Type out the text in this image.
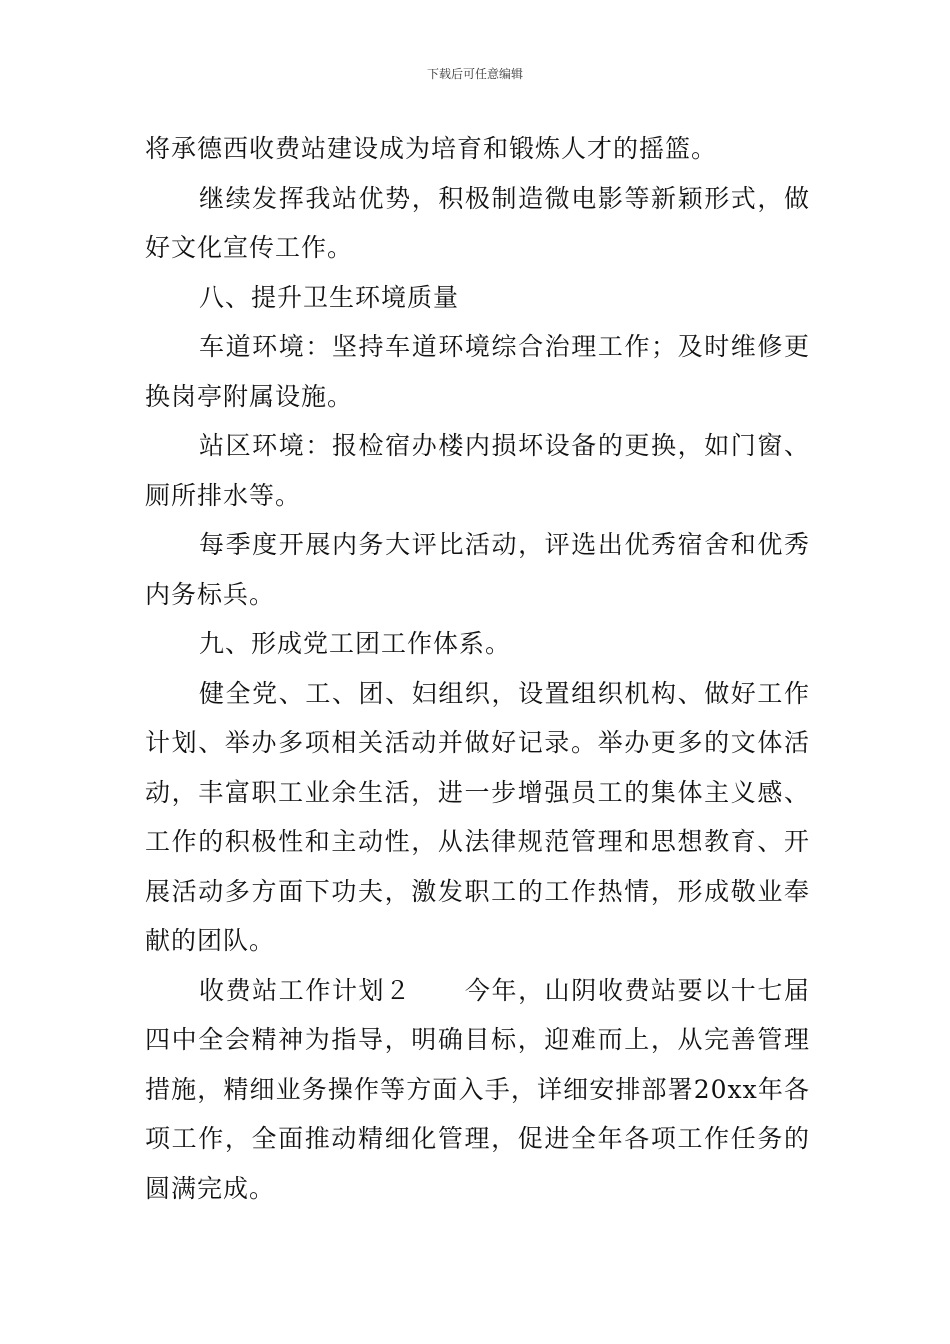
下载后可任意编辑

将承德西收费站建设成为培育和锻炼人才的摇篮。

继续发挥我站优势，积极制造微电影等新颖形式，做好文化宣传工作。

八、提升卫生环境质量

车道环境：坚持车道环境综合治理工作；及时维修更换岗亭附属设施。

站区环境：报检宿办楼内损坏设备的更换，如门窗、厕所排水等。

每季度开展内务大评比活动，评选出优秀宿舍和优秀内务标兵。

九、形成党工团工作体系。

健全党、工、团、妇组织，设置组织机构、做好工作计划、举办多项相关活动并做好记录。举办更多的文体活动，丰富职工业余生活，进一步增强员工的集体主义感、工作的积极性和主动性，从法律规范管理和思想教育、开展活动多方面下功夫，激发职工的工作热情，形成敬业奉献的团队。

收费站工作计划２　　今年，山阴收费站要以十七届四中全会精神为指导，明确目标，迎难而上，从完善管理措施，精细业务操作等方面入手，详细安排部署20xx年各项工作，全面推动精细化管理，促进全年各项工作任务的圆满完成。
